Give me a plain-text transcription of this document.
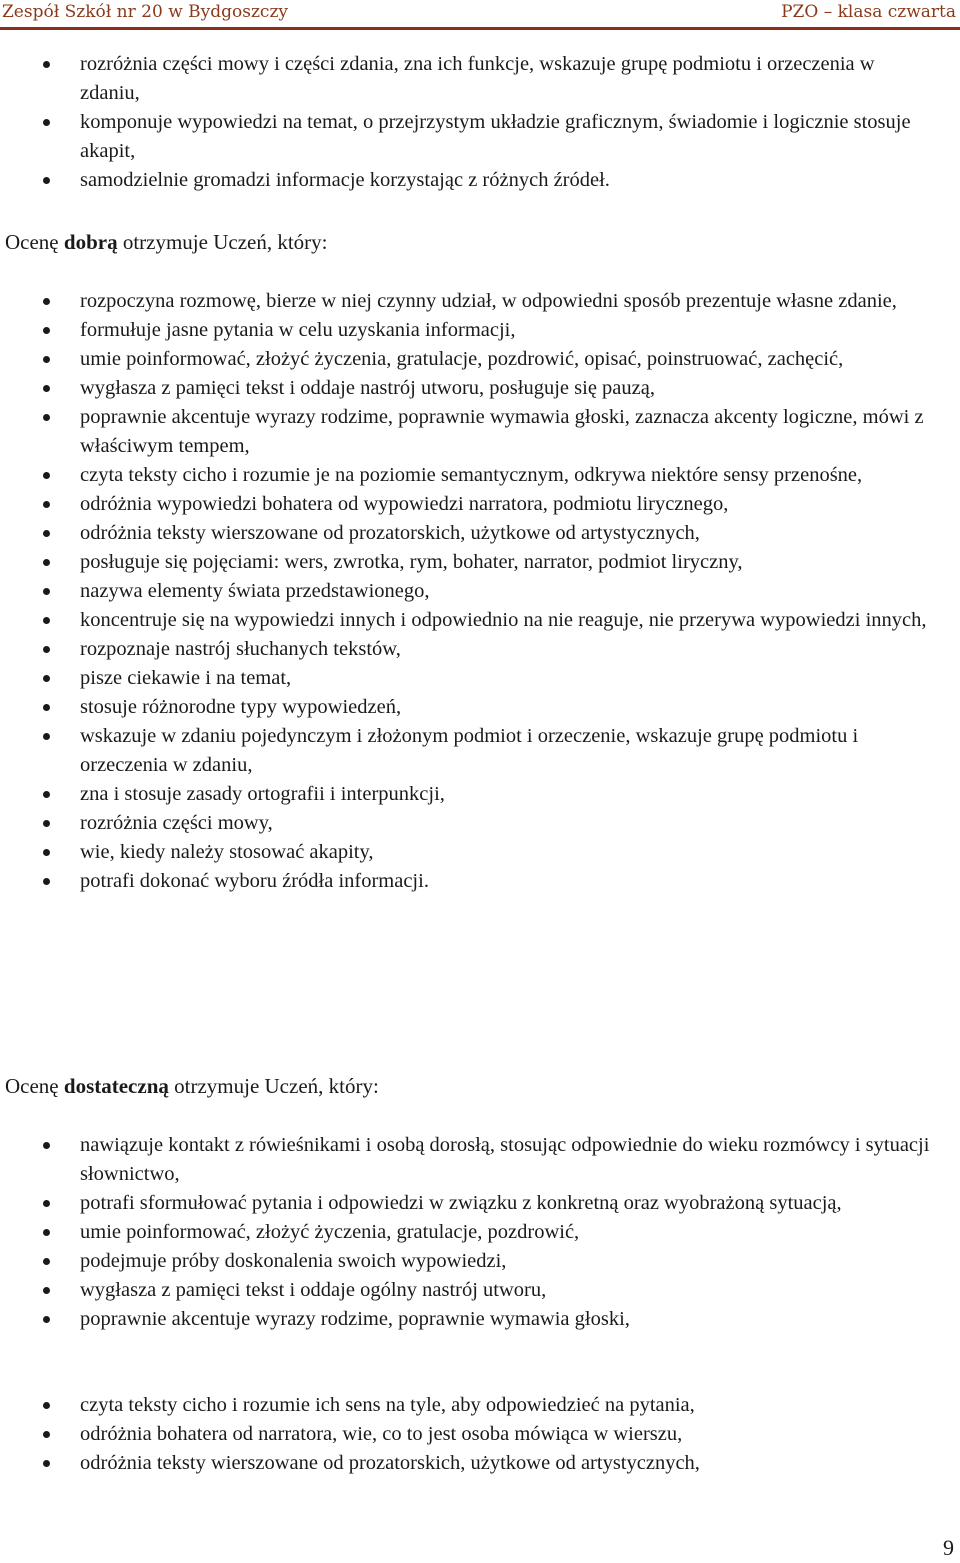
Zespół Szkół nr 20 w Bydgoszczy	PZO – klasa czwarta
rozróżnia części mowy i części zdania, zna ich funkcje, wskazuje grupę podmiotu i orzeczenia w zdaniu,
komponuje wypowiedzi na temat, o przejrzystym układzie graficznym, świadomie i logicznie stosuje akapit,
samodzielnie gromadzi informacje korzystając z różnych źródeł.
Ocenę dobrą otrzymuje Uczeń, który:
rozpoczyna rozmowę, bierze w niej czynny udział, w odpowiedni sposób prezentuje własne zdanie,
formułuje jasne pytania w celu uzyskania informacji,
umie poinformować, złożyć życzenia, gratulacje, pozdrowić, opisać, poinstruować, zachęcić,
wygłasza z pamięci tekst i oddaje nastrój utworu, posługuje się pauzą,
poprawnie akcentuje wyrazy rodzime, poprawnie wymawia głoski, zaznacza akcenty logiczne, mówi z właściwym tempem,
czyta teksty cicho i rozumie je na poziomie semantycznym, odkrywa niektóre sensy przenośne,
odróżnia wypowiedzi bohatera od wypowiedzi narratora, podmiotu lirycznego,
odróżnia teksty wierszowane od prozatorskich, użytkowe od artystycznych,
posługuje się pojęciami: wers, zwrotka, rym, bohater, narrator, podmiot liryczny,
nazywa elementy świata przedstawionego,
koncentruje się na wypowiedzi innych i odpowiednio na nie reaguje, nie przerywa wypowiedzi innych,
rozpoznaje nastrój słuchanych tekstów,
pisze ciekawie i na temat,
stosuje różnorodne typy wypowiedzeń,
wskazuje w zdaniu pojedynczym i złożonym podmiot i orzeczenie, wskazuje grupę podmiotu i orzeczenia w zdaniu,
zna i stosuje zasady ortografii i interpunkcji,
rozróżnia części mowy,
wie, kiedy należy stosować akapity,
potrafi dokonać wyboru źródła informacji.
Ocenę dostateczną otrzymuje Uczeń, który:
nawiązuje kontakt z rówieśnikami i osobą dorosłą, stosując odpowiednie do wieku rozmówcy i sytuacji słownictwo,
potrafi sformułować pytania i odpowiedzi w związku z konkretną oraz wyobrażoną sytuacją,
umie poinformować, złożyć życzenia, gratulacje, pozdrowić,
podejmuje próby doskonalenia swoich wypowiedzi,
wygłasza z pamięci tekst i oddaje ogólny nastrój utworu,
poprawnie akcentuje wyrazy rodzime, poprawnie wymawia głoski,
czyta teksty cicho i rozumie ich sens na tyle, aby odpowiedzieć na pytania,
odróżnia bohatera od narratora, wie, co to jest osoba mówiąca w wierszu,
odróżnia teksty wierszowane od prozatorskich, użytkowe od artystycznych,
9
